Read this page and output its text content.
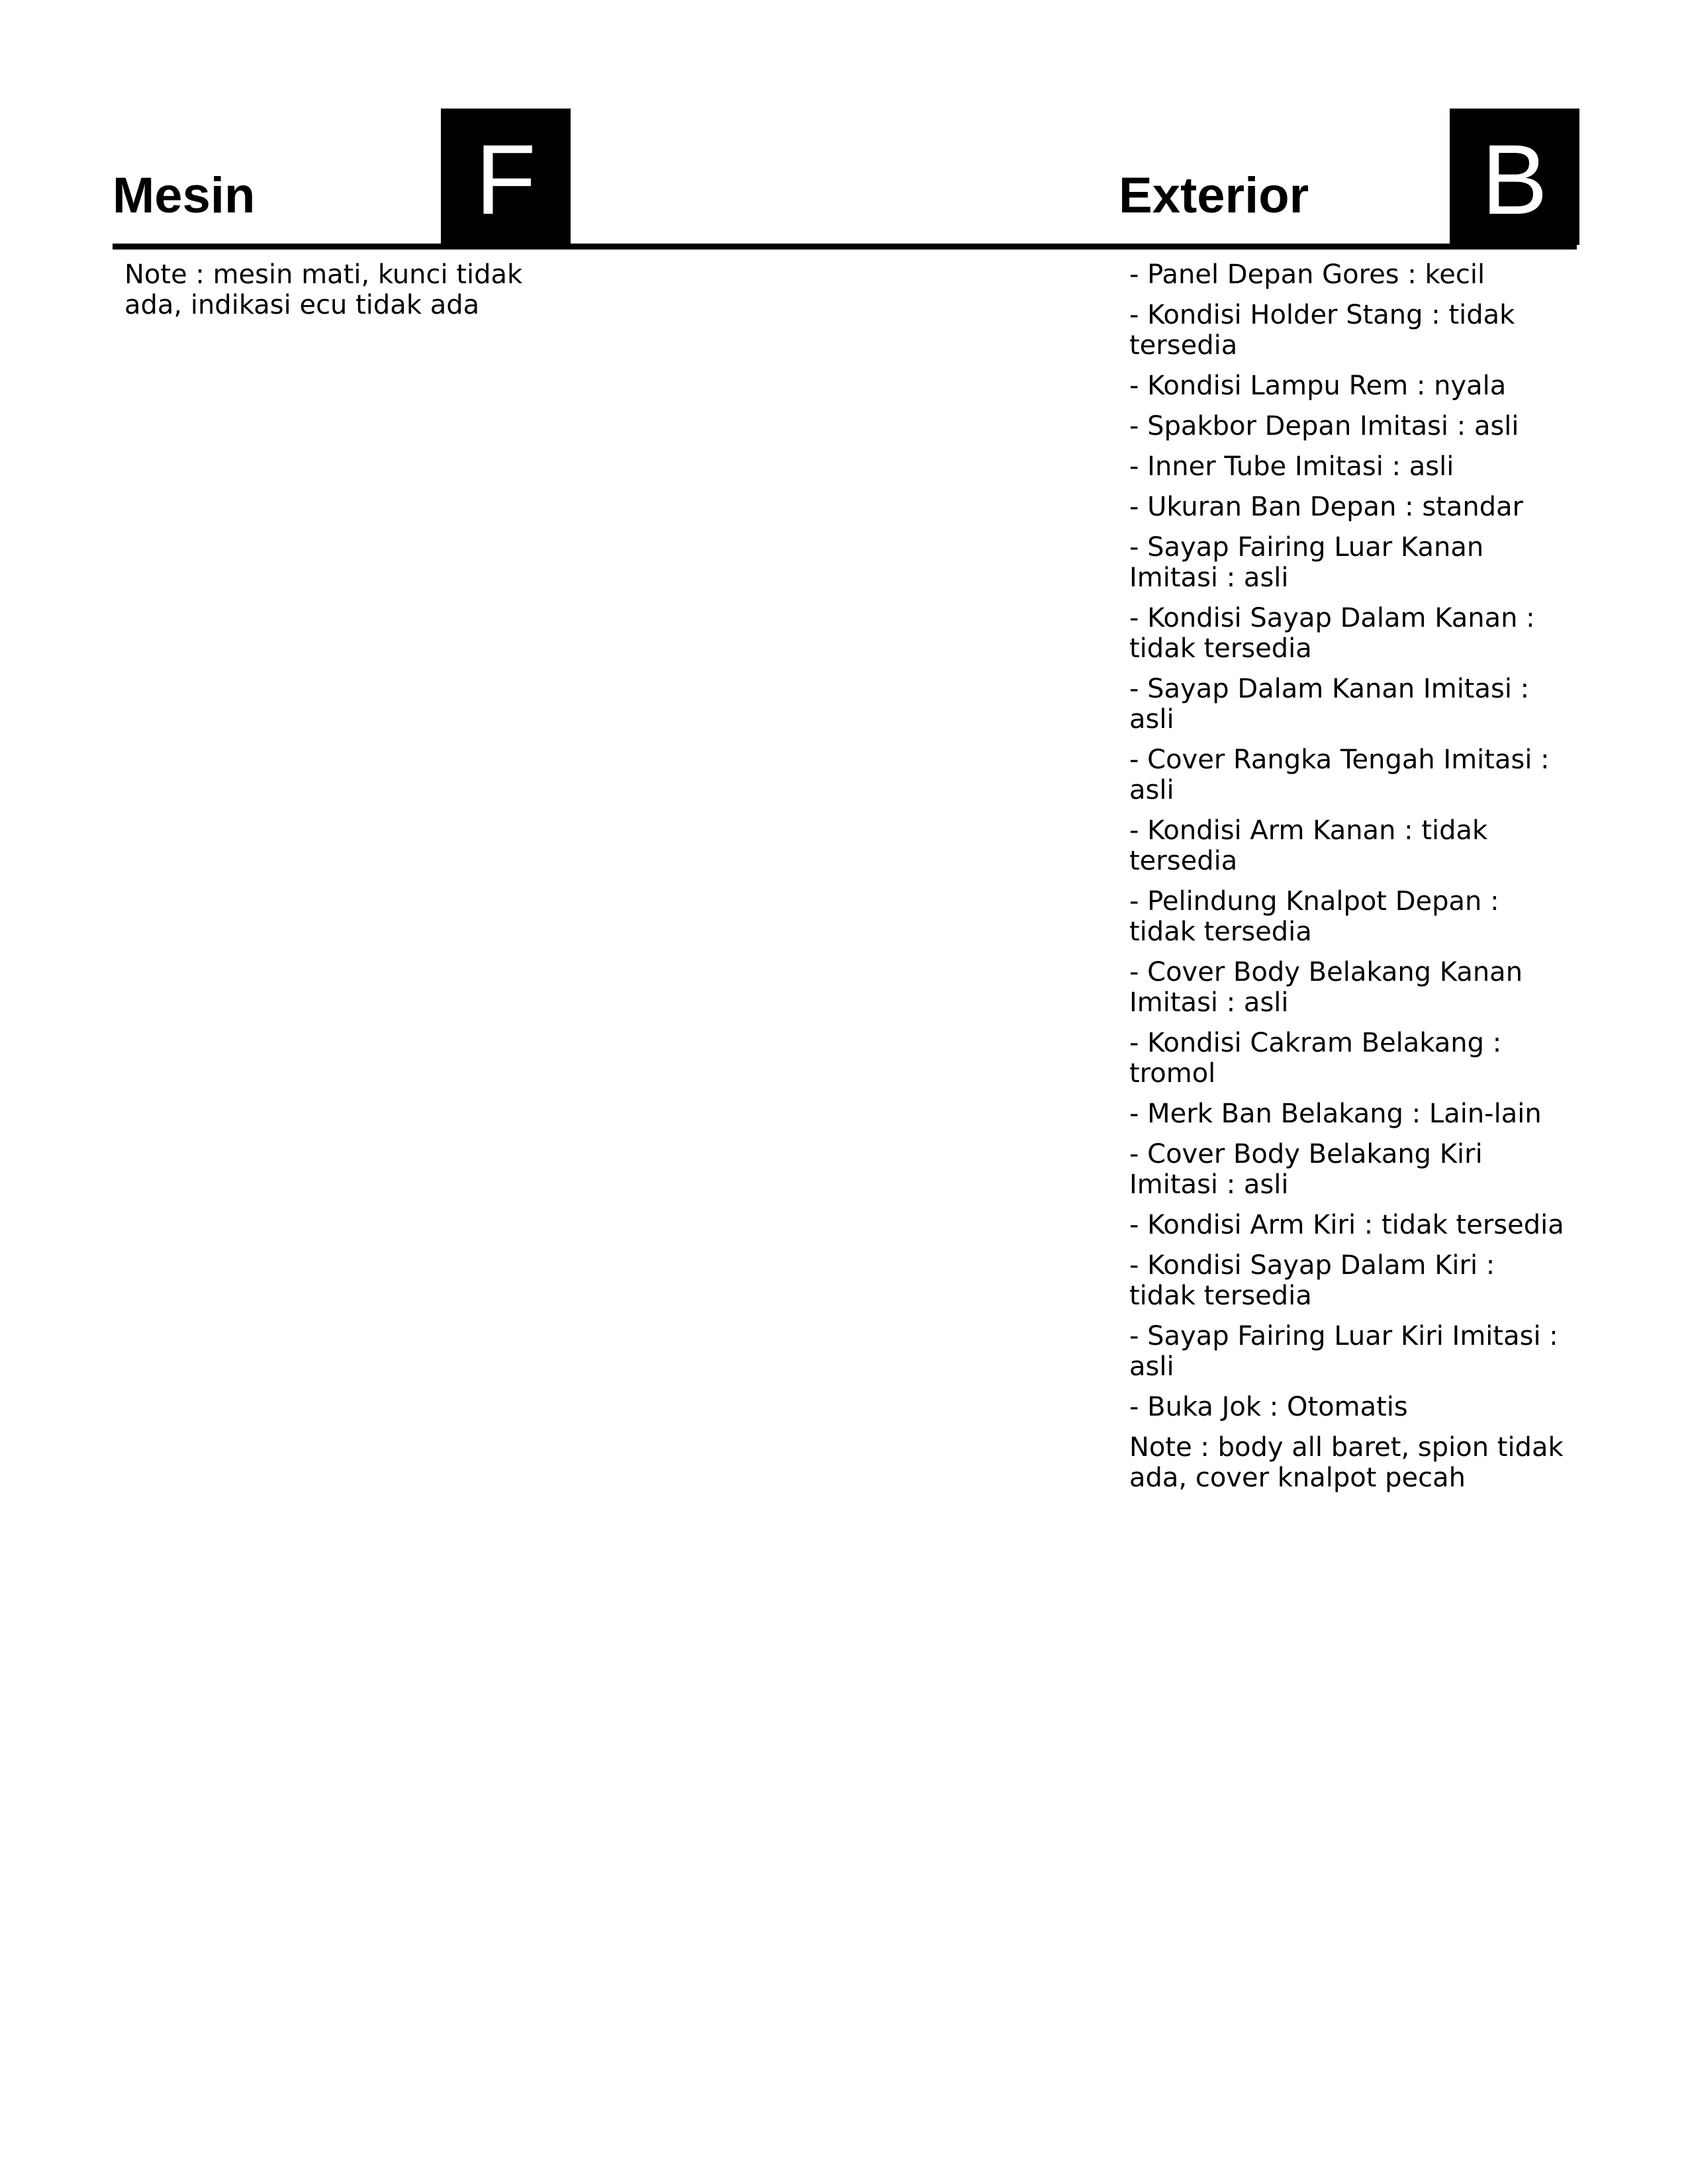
Mesin	F	Exterior	B

Note : mesin mati, kunci tidak ada, indikasi ecu tidak ada

- Panel Depan Gores : kecil

- Kondisi Holder Stang : tidak tersedia

- Kondisi Lampu Rem : nyala

- Spakbor Depan Imitasi : asli

- Inner Tube Imitasi : asli

- Ukuran Ban Depan : standar

- Sayap Fairing Luar Kanan Imitasi : asli

- Kondisi Sayap Dalam Kanan : tidak tersedia

- Sayap Dalam Kanan Imitasi : asli

- Cover Rangka Tengah Imitasi : asli

- Kondisi Arm Kanan : tidak tersedia

- Pelindung Knalpot Depan : tidak tersedia

- Cover Body Belakang Kanan Imitasi : asli

- Kondisi Cakram Belakang : tromol

- Merk Ban Belakang : Lain-lain

- Cover Body Belakang Kiri Imitasi : asli

- Kondisi Arm Kiri : tidak tersedia

- Kondisi Sayap Dalam Kiri : tidak tersedia

- Sayap Fairing Luar Kiri Imitasi : asli

- Buka Jok : Otomatis

Note : body all baret, spion tidak ada, cover knalpot pecah
